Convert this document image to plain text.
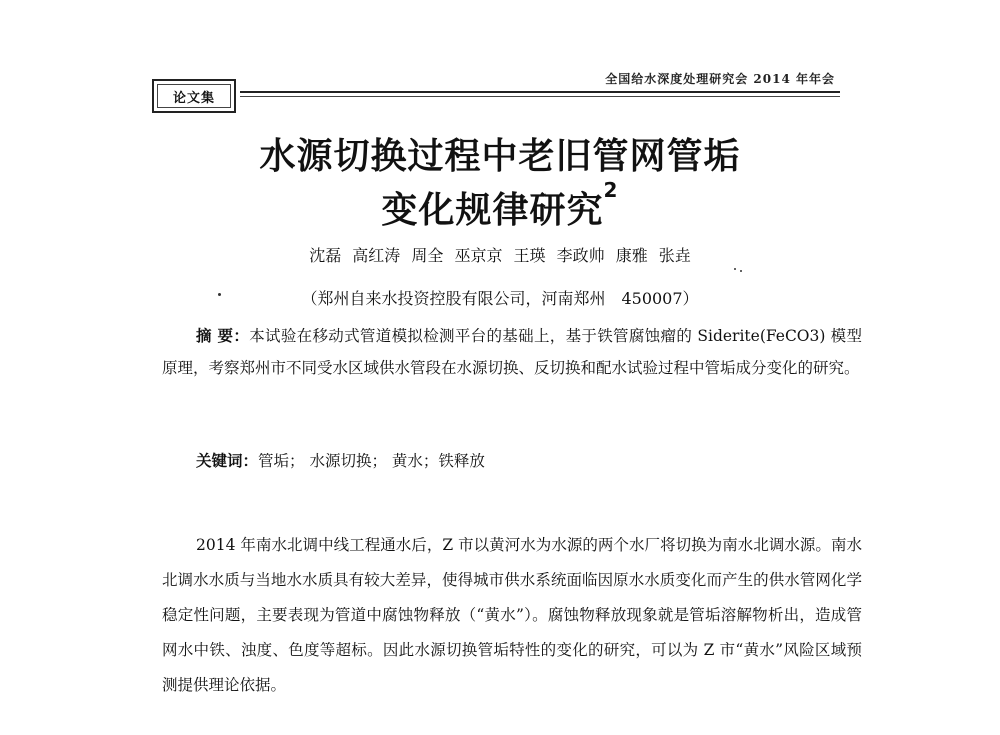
论文集
全国给水深度处理研究会 2014 年年会
水源切换过程中老旧管网管垢
变化规律研究$^2$
沈磊 高红涛 周全 巫京京 王瑛 李政帅 康雅 张垚
（郑州自来水投资控股有限公司，河南郑州　450007）
摘 要：本试验在移动式管道模拟检测平台的基础上，基于铁管腐蚀瘤的 Siderite(FeCO3) 模型原理，考察郑州市不同受水区域供水管段在水源切换、反切换和配水试验过程中管垢成分变化的研究。
关键词：管垢； 水源切换； 黄水；铁释放
2014 年南水北调中线工程通水后，Z 市以黄河水为水源的两个水厂将切换为南水北调水源。南水北调水水质与当地水水质具有较大差异，使得城市供水系统面临因原水水质变化而产生的供水管网化学稳定性问题，主要表现为管道中腐蚀物释放（“黄水”）。腐蚀物释放现象就是管垢溶解物析出，造成管网水中铁、浊度、色度等超标。因此水源切换管垢特性的变化的研究，可以为 Z 市“黄水”风险区域预测提供理论依据。
